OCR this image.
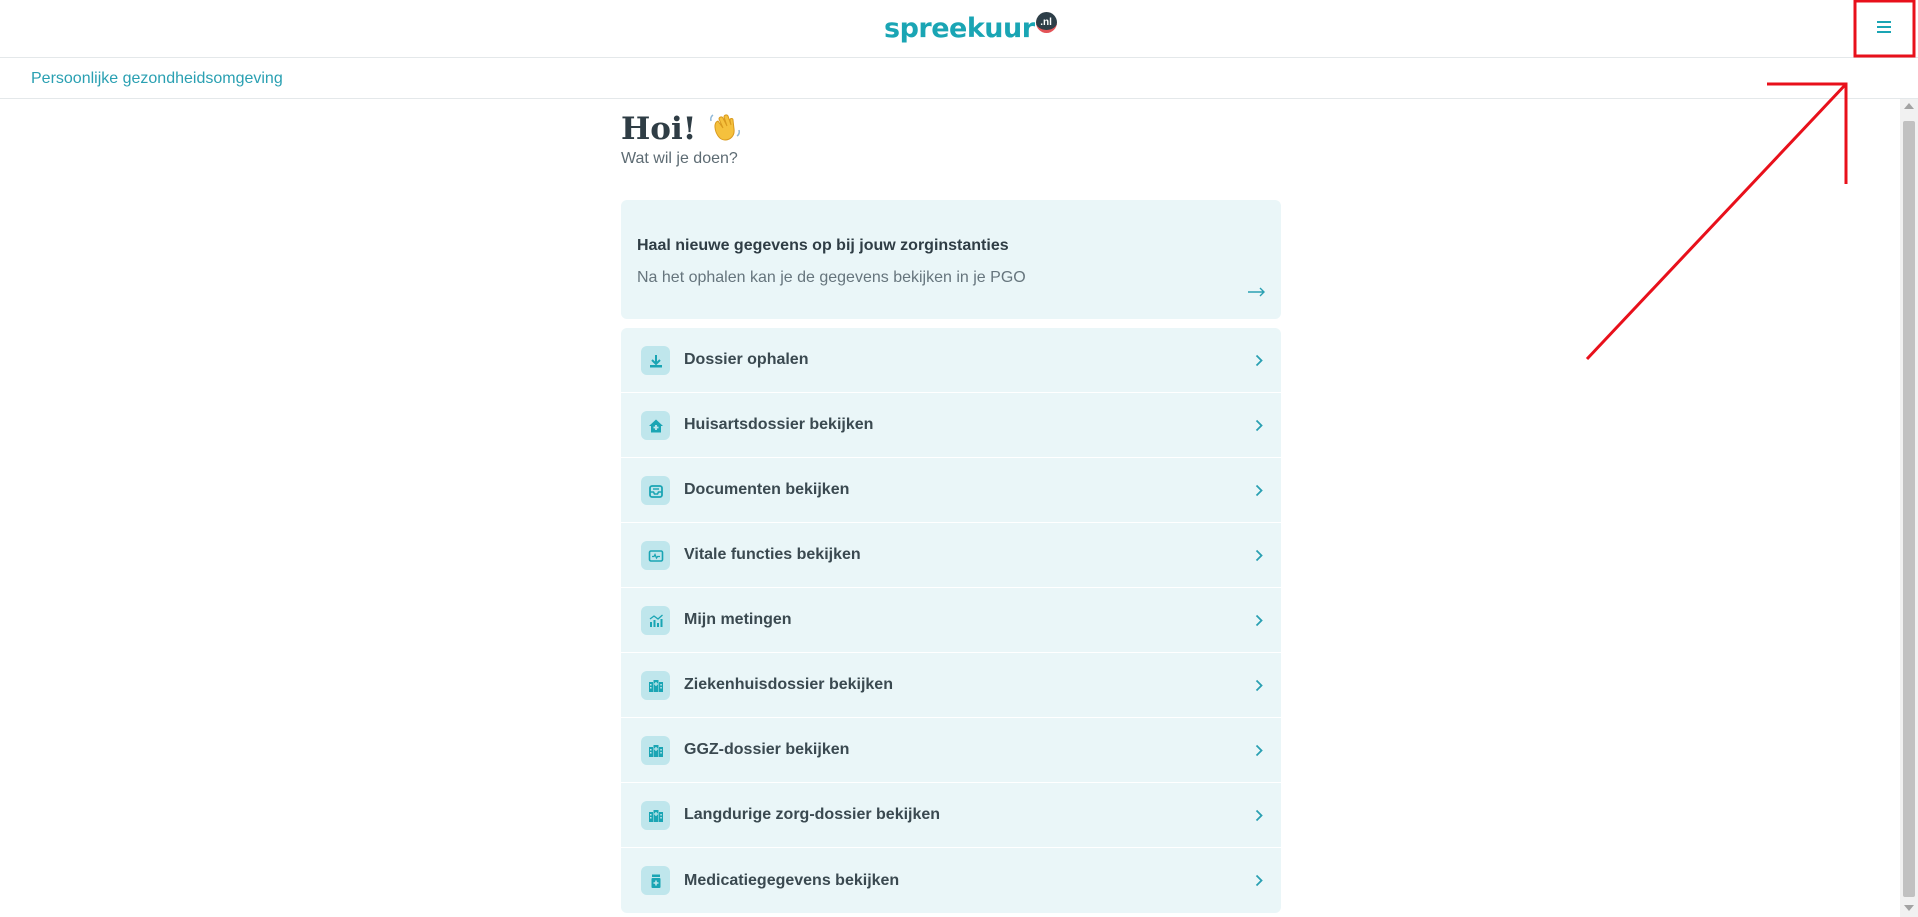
spreekuur .nl
Persoonlijke gezondheidsomgeving
Hoi!

Wat wil je doen?

Haal nieuwe gegevens op bij jouw zorginstanties
Na het ophalen kan je de gegevens bekijken in je PGO
Dossier ophalen
Huisartsdossier bekijken
Documenten bekijken
Vitale functies bekijken
Mijn metingen
Ziekenhuisdossier bekijken
GGZ-dossier bekijken
Langdurige zorg-dossier bekijken
Medicatiegegevens bekijken
